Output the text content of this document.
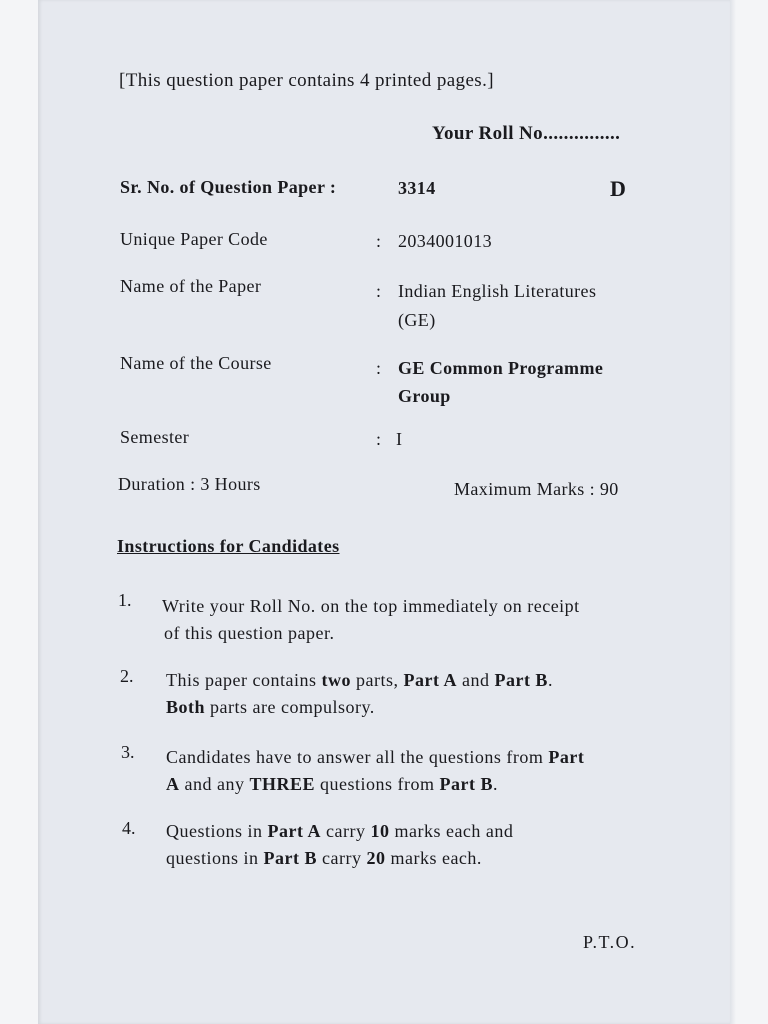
[This question paper contains 4 printed pages.]
Your Roll No...............
Sr. No. of Question Paper :	3314	D
Unique Paper Code	: 2034001013
Name of the Paper	: Indian English Literatures
(GE)
Name of the Course	: GE Common Programme
Group
Semester	: I
Duration : 3 Hours	Maximum Marks : 90
Instructions for Candidates
1. Write your Roll No. on the top immediately on receipt

of this question paper.

2. This paper contains two parts, Part A and Part B.

Both parts are compulsory.

3. Candidates have to answer all the questions from Part

A and any THREE questions from Part B.

4. Questions in Part A carry 10 marks each and

questions in Part B carry 20 marks each.

P.T.O.
